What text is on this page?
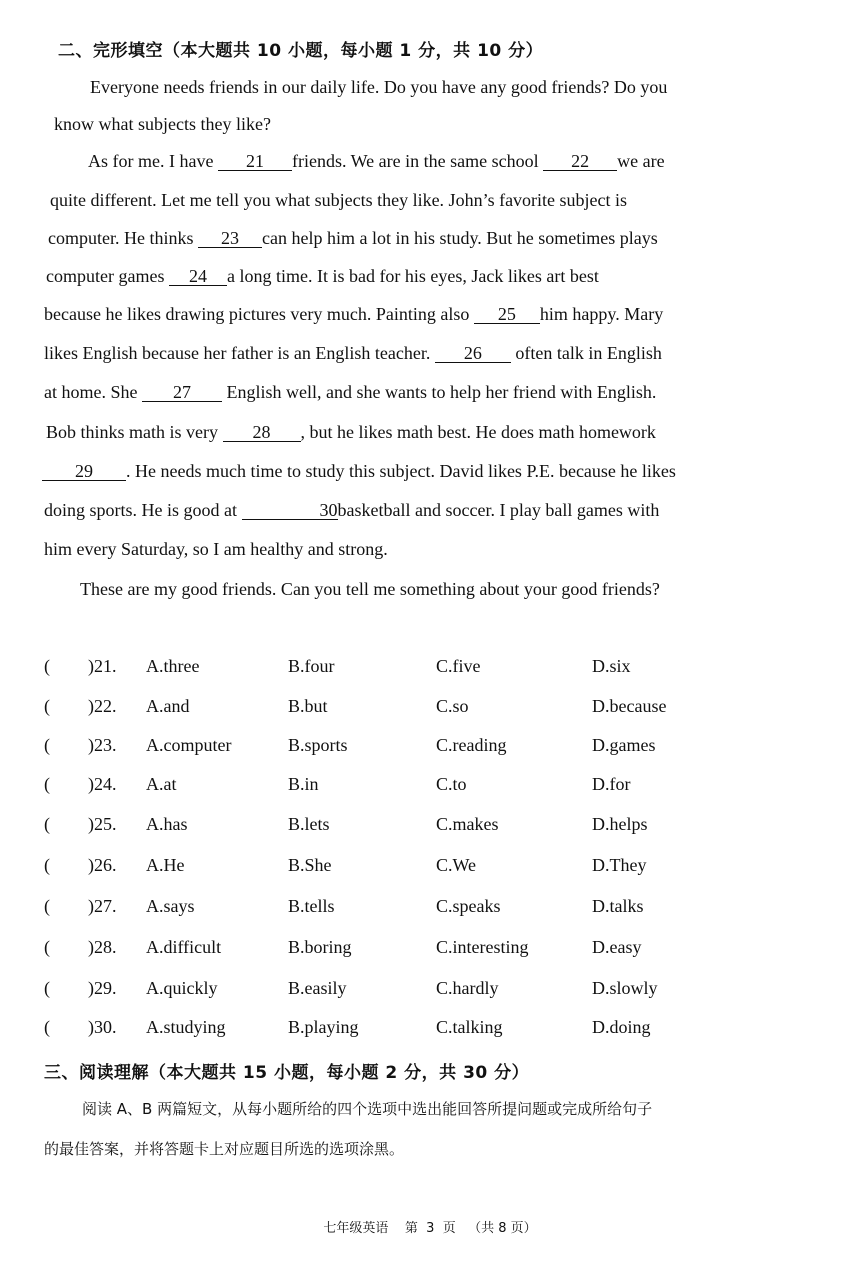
二、完形填空（本大题共 10 小题，每小题 1 分，共 10 分）
Everyone needs friends in our daily life. Do you have any good friends? Do you
know what subjects they like?
As for me. I have 21 friends. We are in the same school 22 we are
quite different. Let me tell you what subjects they like. John’s favorite subject is
computer. He thinks 23 can help him a lot in his study. But he sometimes plays
computer games 24 a long time. It is bad for his eyes, Jack likes art best
because he likes drawing pictures very much. Painting also 25 him happy. Mary
likes English because her father is an English teacher. 26 often talk in English
at home. She 27 English well, and she wants to help her friend with English.
Bob thinks math is very 28 , but he likes math best. He does math homework
29 . He needs much time to study this subject. David likes P.E. because he likes
doing sports. He is good at	30basketball and soccer. I play ball games with
him every Saturday, so I am healthy and strong.
These are my good friends. Can you tell me something about your good friends?
( )21. A.three	B.four	C.five	D.six
( )22. A.and	B.but	C.so	D.because
( )23. A.computer	B.sports	C.reading	D.games
( )24. A.at	B.in	C.to	D.for
( )25. A.has	B.lets	C.makes	D.helps
( )26. A.He	B.She	C.We	D.They
( )27. A.says	B.tells	C.speaks	D.talks
( )28. A.difficult	B.boring	C.interesting	D.easy
( )29. A.quickly	B.easily	C.hardly	D.slowly
( )30. A.studying	B.playing	C.talking	D.doing
三、阅读理解（本大题共 15 小题，每小题 2 分，共 30 分）
阅读 A、B 两篇短文，从每小题所给的四个选项中选出能回答所提问题或完成所给句子
的最佳答案，并将答题卡上对应题目所选的选项涂黑。
七年级英语    第  3  页   （共 8 页）
